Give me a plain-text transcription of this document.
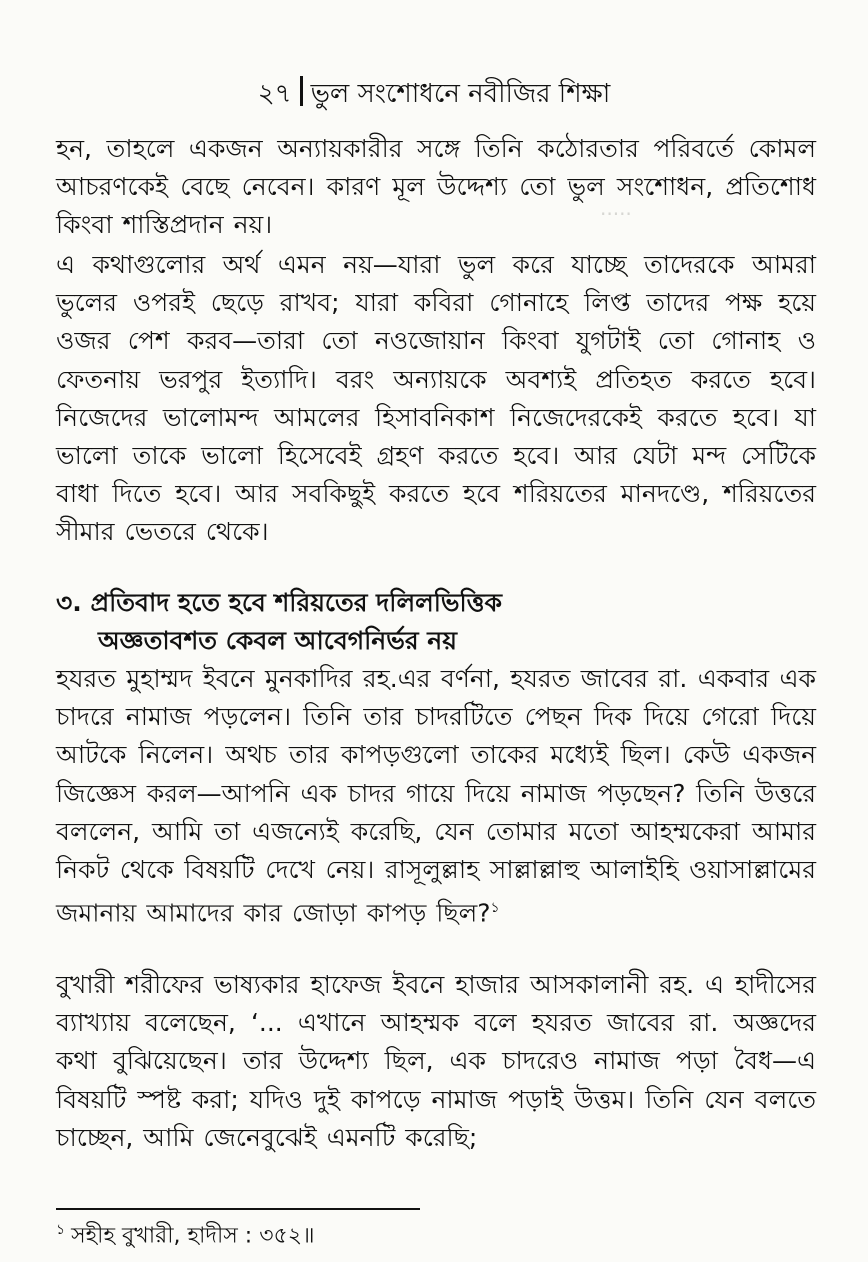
২৭ ভুল সংশোধনে নবীজির শিক্ষা
.....

হন, তাহলে একজন অন্যায়কারীর সঙ্গে তিনি কঠোরতার পরিবর্তে কোমল আচরণকেই বেছে নেবেন। কারণ মূল উদ্দেশ্য তো ভুল সংশোধন, প্রতিশোধ কিংবা শাস্তিপ্রদান নয়।

এ কথাগুলোর অর্থ এমন নয়—যারা ভুল করে যাচ্ছে তাদেরকে আমরা ভুলের ওপরই ছেড়ে রাখব; যারা কবিরা গোনাহে লিপ্ত তাদের পক্ষ হয়ে ওজর পেশ করব—তারা তো নওজোয়ান কিংবা যুগটাই তো গোনাহ ও ফেতনায় ভরপুর ইত্যাদি। বরং অন্যায়কে অবশ্যই প্রতিহত করতে হবে। নিজেদের ভালোমন্দ আমলের হিসাবনিকাশ নিজেদেরকেই করতে হবে। যা ভালো তাকে ভালো হিসেবেই গ্রহণ করতে হবে। আর যেটা মন্দ সেটিকে বাধা দিতে হবে। আর সবকিছুই করতে হবে শরিয়তের মানদণ্ডে, শরিয়তের সীমার ভেতরে থেকে।

৩. প্রতিবাদ হতে হবে শরিয়তের দলিলভিত্তিক
অজ্ঞতাবশত কেবল আবেগনির্ভর নয়

হযরত মুহাম্মদ ইবনে মুনকাদির রহ.এর বর্ণনা, হযরত জাবের রা. একবার এক চাদরে নামাজ পড়লেন। তিনি তার চাদরটিতে পেছন দিক দিয়ে গেরো দিয়ে আটকে নিলেন। অথচ তার কাপড়গুলো তাকের মধ্যেই ছিল। কেউ একজন জিজ্ঞেস করল—আপনি এক চাদর গায়ে দিয়ে নামাজ পড়ছেন? তিনি উত্তরে বললেন, আমি তা এজন্যেই করেছি, যেন তোমার মতো আহম্মকেরা আমার নিকট থেকে বিষয়টি দেখে নেয়। রাসূলুল্লাহ সাল্লাল্লাহু আলাইহি ওয়াসাল্লামের জমানায় আমাদের কার জোড়া কাপড় ছিল?$^১$

বুখারী শরীফের ভাষ্যকার হাফেজ ইবনে হাজার আসকালানী রহ. এ হাদীসের ব্যাখ্যায় বলেছেন, ‘... এখানে আহম্মক বলে হযরত জাবের রা. অজ্ঞদের কথা বুঝিয়েছেন। তার উদ্দেশ্য ছিল, এক চাদরেও নামাজ পড়া বৈধ—এ বিষয়টি স্পষ্ট করা; যদিও দুই কাপড়ে নামাজ পড়াই উত্তম। তিনি যেন বলতে চাচ্ছেন, আমি জেনেবুঝেই এমনটি করেছি;

$^১$ সহীহ বুখারী, হাদীস : ৩৫২॥
